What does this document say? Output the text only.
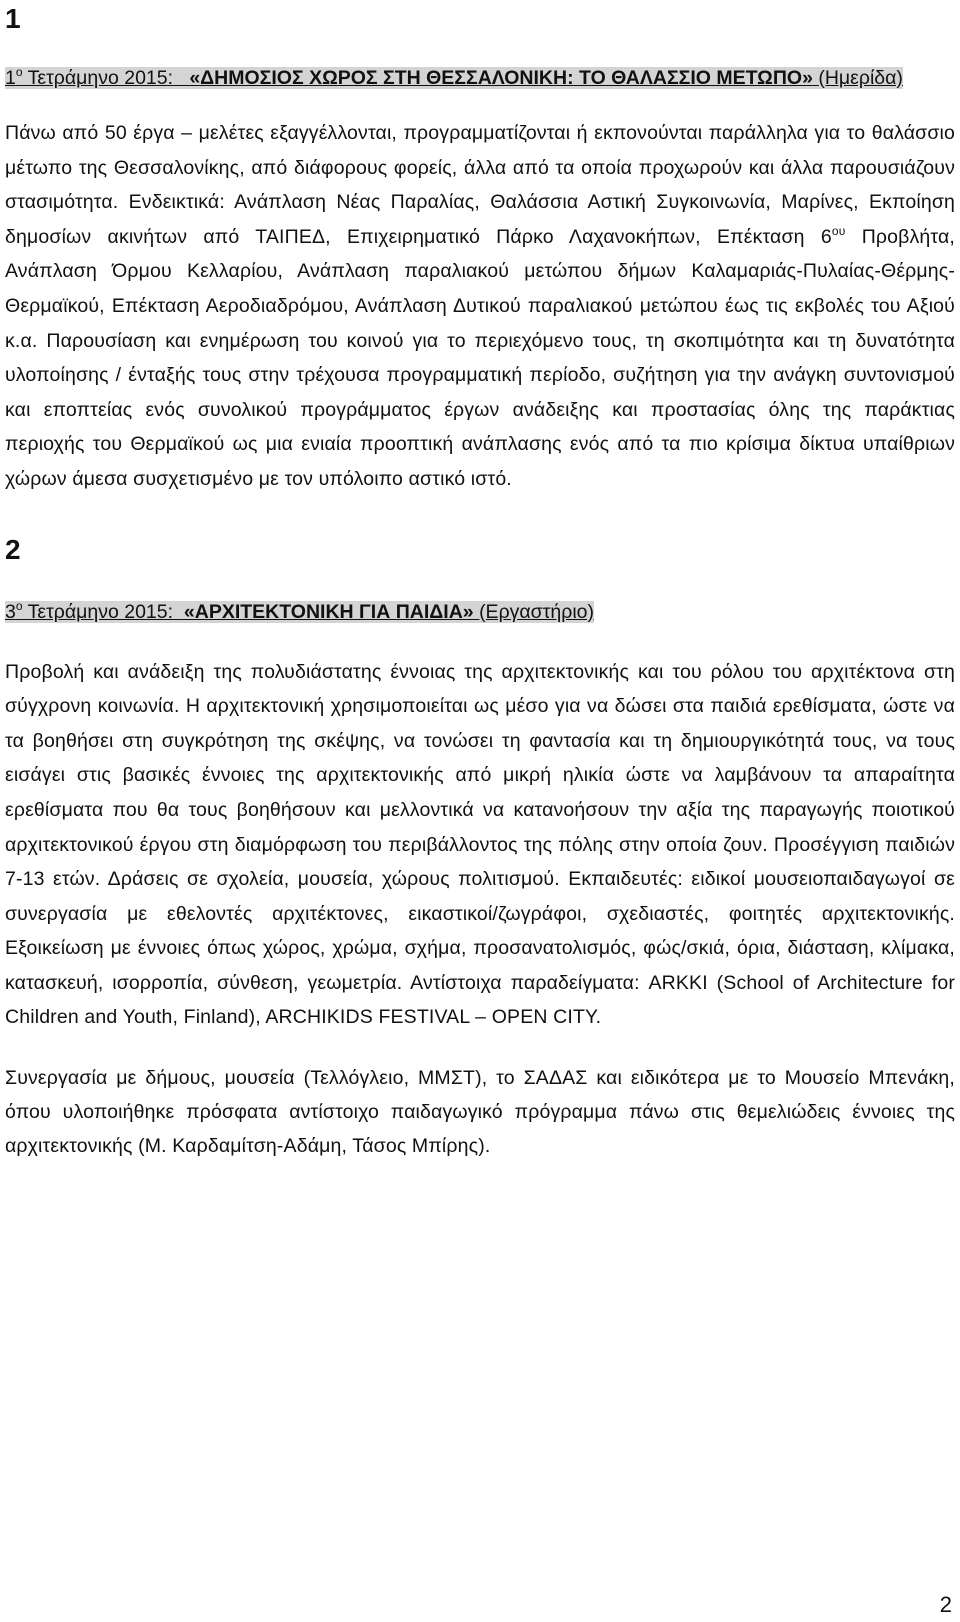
1
$1^o$ Τετράμηνο 2015: «ΔΗΜΟΣΙΟΣ ΧΩΡΟΣ ΣΤΗ ΘΕΣΣΑΛΟΝΙΚΗ: ΤΟ ΘΑΛΑΣΣΙΟ ΜΕΤΩΠΟ» (Ημερίδα)

Πάνω από 50 έργα – μελέτες εξαγγέλλονται, προγραμματίζονται ή εκπονούνται παράλληλα για το θαλάσσιο μέτωπο της Θεσσαλονίκης, από διάφορους φορείς, άλλα από τα οποία προχωρούν και άλλα παρουσιάζουν στασιμότητα. Ενδεικτικά: Ανάπλαση Νέας Παραλίας, Θαλάσσια Αστική Συγκοινωνία, Μαρίνες, Εκποίηση δημοσίων ακινήτων από ΤΑΙΠΕΔ, Επιχειρηματικό Πάρκο Λαχανοκήπων, Επέκταση $6^{o\upsilon}$ Προβλήτα, Ανάπλαση Όρμου Κελλαρίου, Ανάπλαση παραλιακού μετώπου δήμων Καλαμαριάς-Πυλαίας-Θέρμης-Θερμαϊκού, Επέκταση Αεροδιαδρόμου, Ανάπλαση Δυτικού παραλιακού μετώπου έως τις εκβολές του Αξιού κ.α. Παρουσίαση και ενημέρωση του κοινού για το περιεχόμενο τους, τη σκοπιμότητα και τη δυνατότητα υλοποίησης / ένταξής τους στην τρέχουσα προγραμματική περίοδο, συζήτηση για την ανάγκη συντονισμού και εποπτείας ενός συνολικού προγράμματος έργων ανάδειξης και προστασίας όλης της παράκτιας περιοχής του Θερμαϊκού ως μια ενιαία προοπτική ανάπλασης ενός από τα πιο κρίσιμα δίκτυα υπαίθριων χώρων άμεσα συσχετισμένο με τον υπόλοιπο αστικό ιστό.

2
$3^o$ Τετράμηνο 2015: «ΑΡΧΙΤΕΚΤΟΝΙΚΗ ΓΙΑ ΠΑΙΔΙΑ» (Εργαστήριο)

Προβολή και ανάδειξη της πολυδιάστατης έννοιας της αρχιτεκτονικής και του ρόλου του αρχιτέκτονα στη σύγχρονη κοινωνία. Η αρχιτεκτονική χρησιμοποιείται ως μέσο για να δώσει στα παιδιά ερεθίσματα, ώστε να τα βοηθήσει στη συγκρότηση της σκέψης, να τονώσει τη φαντασία και τη δημιουργικότητά τους, να τους εισάγει στις βασικές έννοιες της αρχιτεκτονικής από μικρή ηλικία ώστε να λαμβάνουν τα απαραίτητα ερεθίσματα που θα τους βοηθήσουν και μελλοντικά να κατανοήσουν την αξία της παραγωγής ποιοτικού αρχιτεκτονικού έργου στη διαμόρφωση του περιβάλλοντος της πόλης στην οποία ζουν. Προσέγγιση παιδιών 7-13 ετών. Δράσεις σε σχολεία, μουσεία, χώρους πολιτισμού. Εκπαιδευτές: ειδικοί μουσειοπαιδαγωγοί σε συνεργασία με εθελοντές αρχιτέκτονες, εικαστικοί/ζωγράφοι, σχεδιαστές, φοιτητές αρχιτεκτονικής. Εξοικείωση με έννοιες όπως χώρος, χρώμα, σχήμα, προσανατολισμός, φώς/σκιά, όρια, διάσταση, κλίμακα, κατασκευή, ισορροπία, σύνθεση, γεωμετρία. Αντίστοιχα παραδείγματα: ARKKI (School of Architecture for Children and Youth, Finland), ARCHIKIDS FESTIVAL – OPEN CITY.

Συνεργασία με δήμους, μουσεία (Τελλόγλειο, ΜΜΣΤ), το ΣΑΔΑΣ και ειδικότερα με το Μουσείο Μπενάκη, όπου υλοποιήθηκε πρόσφατα αντίστοιχο παιδαγωγικό πρόγραμμα πάνω στις θεμελιώδεις έννοιες της αρχιτεκτονικής (Μ. Καρδαμίτση-Αδάμη, Τάσος Μπίρης).

2
